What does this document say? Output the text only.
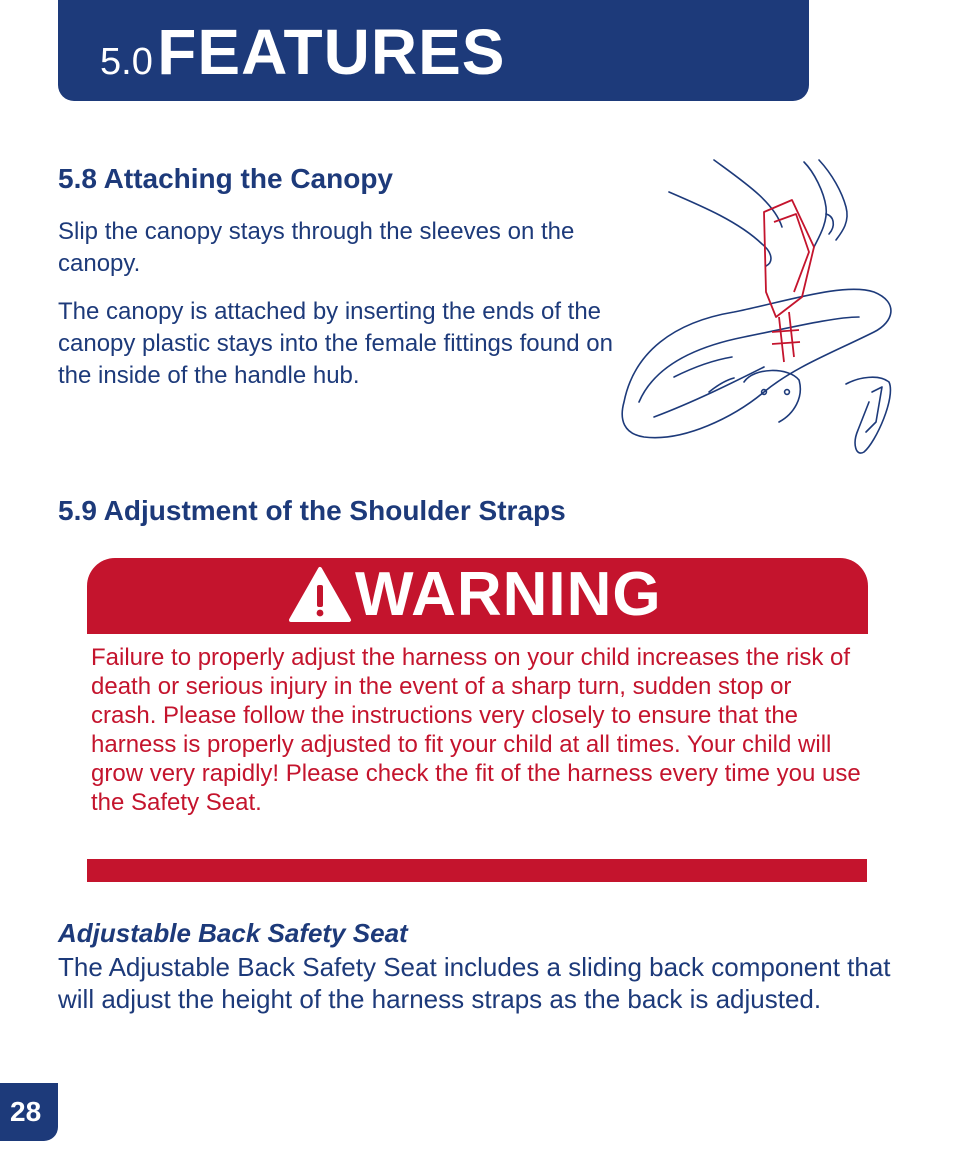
5.0 FEATURES
5.8 Attaching the Canopy

Slip the canopy stays through the sleeves on the canopy.

The canopy is attached by inserting the ends of the canopy plastic stays into the female fittings found on the inside of the handle hub.

5.9 Adjustment of the Shoulder Straps
WARNING

Failure to properly adjust the harness on your child increases the risk of death or serious injury in the event of a sharp turn, sudden stop or crash. Please follow the instructions very closely to ensure that the harness is properly adjusted to fit your child at all times. Your child will grow very rapidly! Please check the fit of the harness every time you use the Safety Seat.

Adjustable Back Safety Seat

The Adjustable Back Safety Seat includes a sliding back component that will adjust the height of the harness straps as the back is adjusted.

28
